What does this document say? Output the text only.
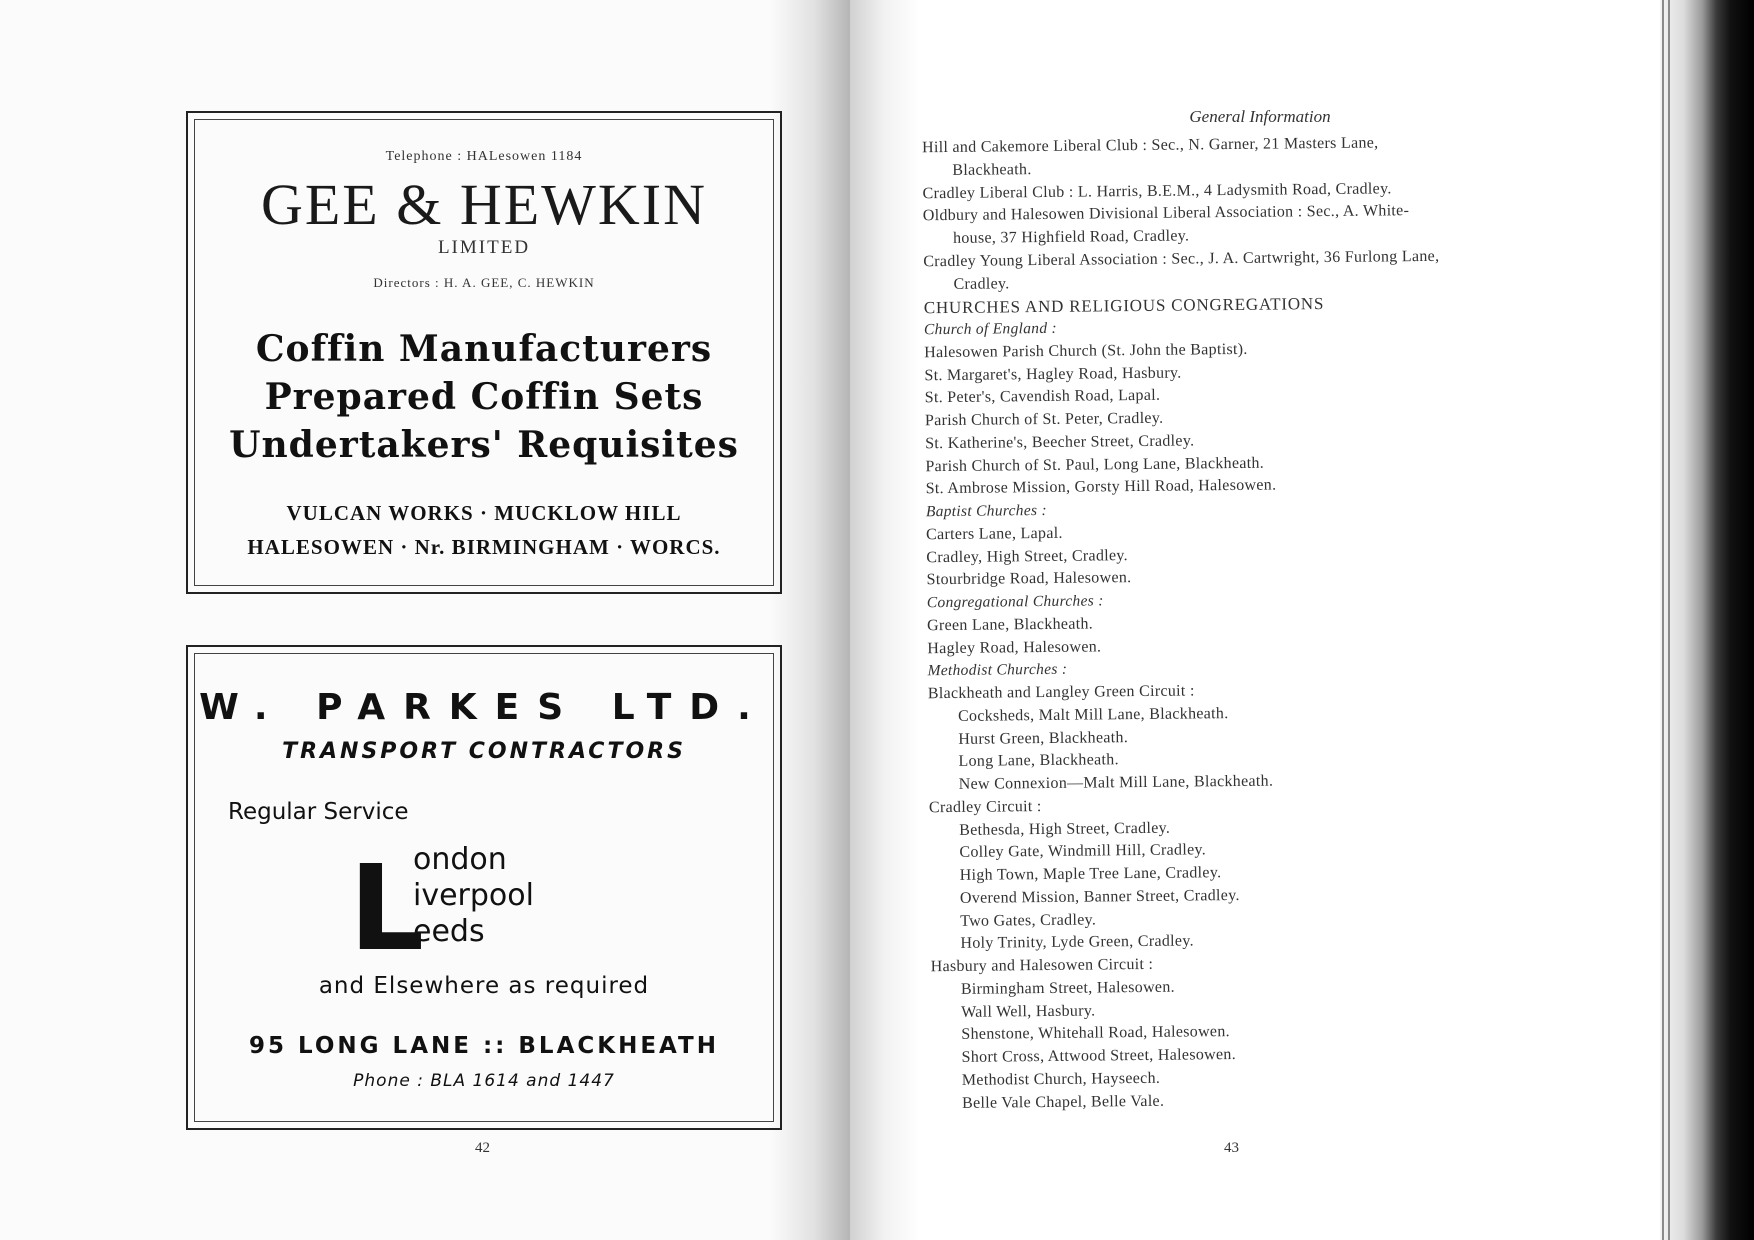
General Information
Hill and Cakemore Liberal Club : Sec., N. Garner, 21 Masters Lane,
Blackheath.
Cradley Liberal Club : L. Harris, B.E.M., 4 Ladysmith Road, Cradley.
Oldbury and Halesowen Divisional Liberal Association : Sec., A. White-
house, 37 Highfield Road, Cradley.
Cradley Young Liberal Association : Sec., J. A. Cartwright, 36 Furlong Lane,
Cradley.
CHURCHES AND RELIGIOUS CONGREGATIONS
Church of England :
Halesowen Parish Church (St. John the Baptist).
St. Margaret's, Hagley Road, Hasbury.
St. Peter's, Cavendish Road, Lapal.
Parish Church of St. Peter, Cradley.
St. Katherine's, Beecher Street, Cradley.
Parish Church of St. Paul, Long Lane, Blackheath.
St. Ambrose Mission, Gorsty Hill Road, Halesowen.
Baptist Churches :
Carters Lane, Lapal.
Cradley, High Street, Cradley.
Stourbridge Road, Halesowen.
Congregational Churches :
Green Lane, Blackheath.
Hagley Road, Halesowen.
Methodist Churches :
Blackheath and Langley Green Circuit :
Cocksheds, Malt Mill Lane, Blackheath.
Hurst Green, Blackheath.
Long Lane, Blackheath.
New Connexion—Malt Mill Lane, Blackheath.
Cradley Circuit :
Bethesda, High Street, Cradley.
Colley Gate, Windmill Hill, Cradley.
High Town, Maple Tree Lane, Cradley.
Overend Mission, Banner Street, Cradley.
Two Gates, Cradley.
Holy Trinity, Lyde Green, Cradley.
Hasbury and Halesowen Circuit :
Birmingham Street, Halesowen.
Wall Well, Hasbury.
Shenstone, Whitehall Road, Halesowen.
Short Cross, Attwood Street, Halesowen.
Methodist Church, Hayseech.
Belle Vale Chapel, Belle Vale.
Telephone : HALesowen 1184
GEE & HEWKIN
LIMITED
Directors : H. A. GEE, C. HEWKIN
Coffin Manufacturers
Prepared Coffin Sets
Undertakers' Requisites
VULCAN WORKS · MUCKLOW HILL
HALESOWEN · Nr. BIRMINGHAM · WORCS.
W. PARKES LTD.
TRANSPORT CONTRACTORS
Regular Service
L
ondon
iverpool
eeds
and Elsewhere as required
95 LONG LANE :: BLACKHEATH
Phone : BLA 1614 and 1447
42	43
